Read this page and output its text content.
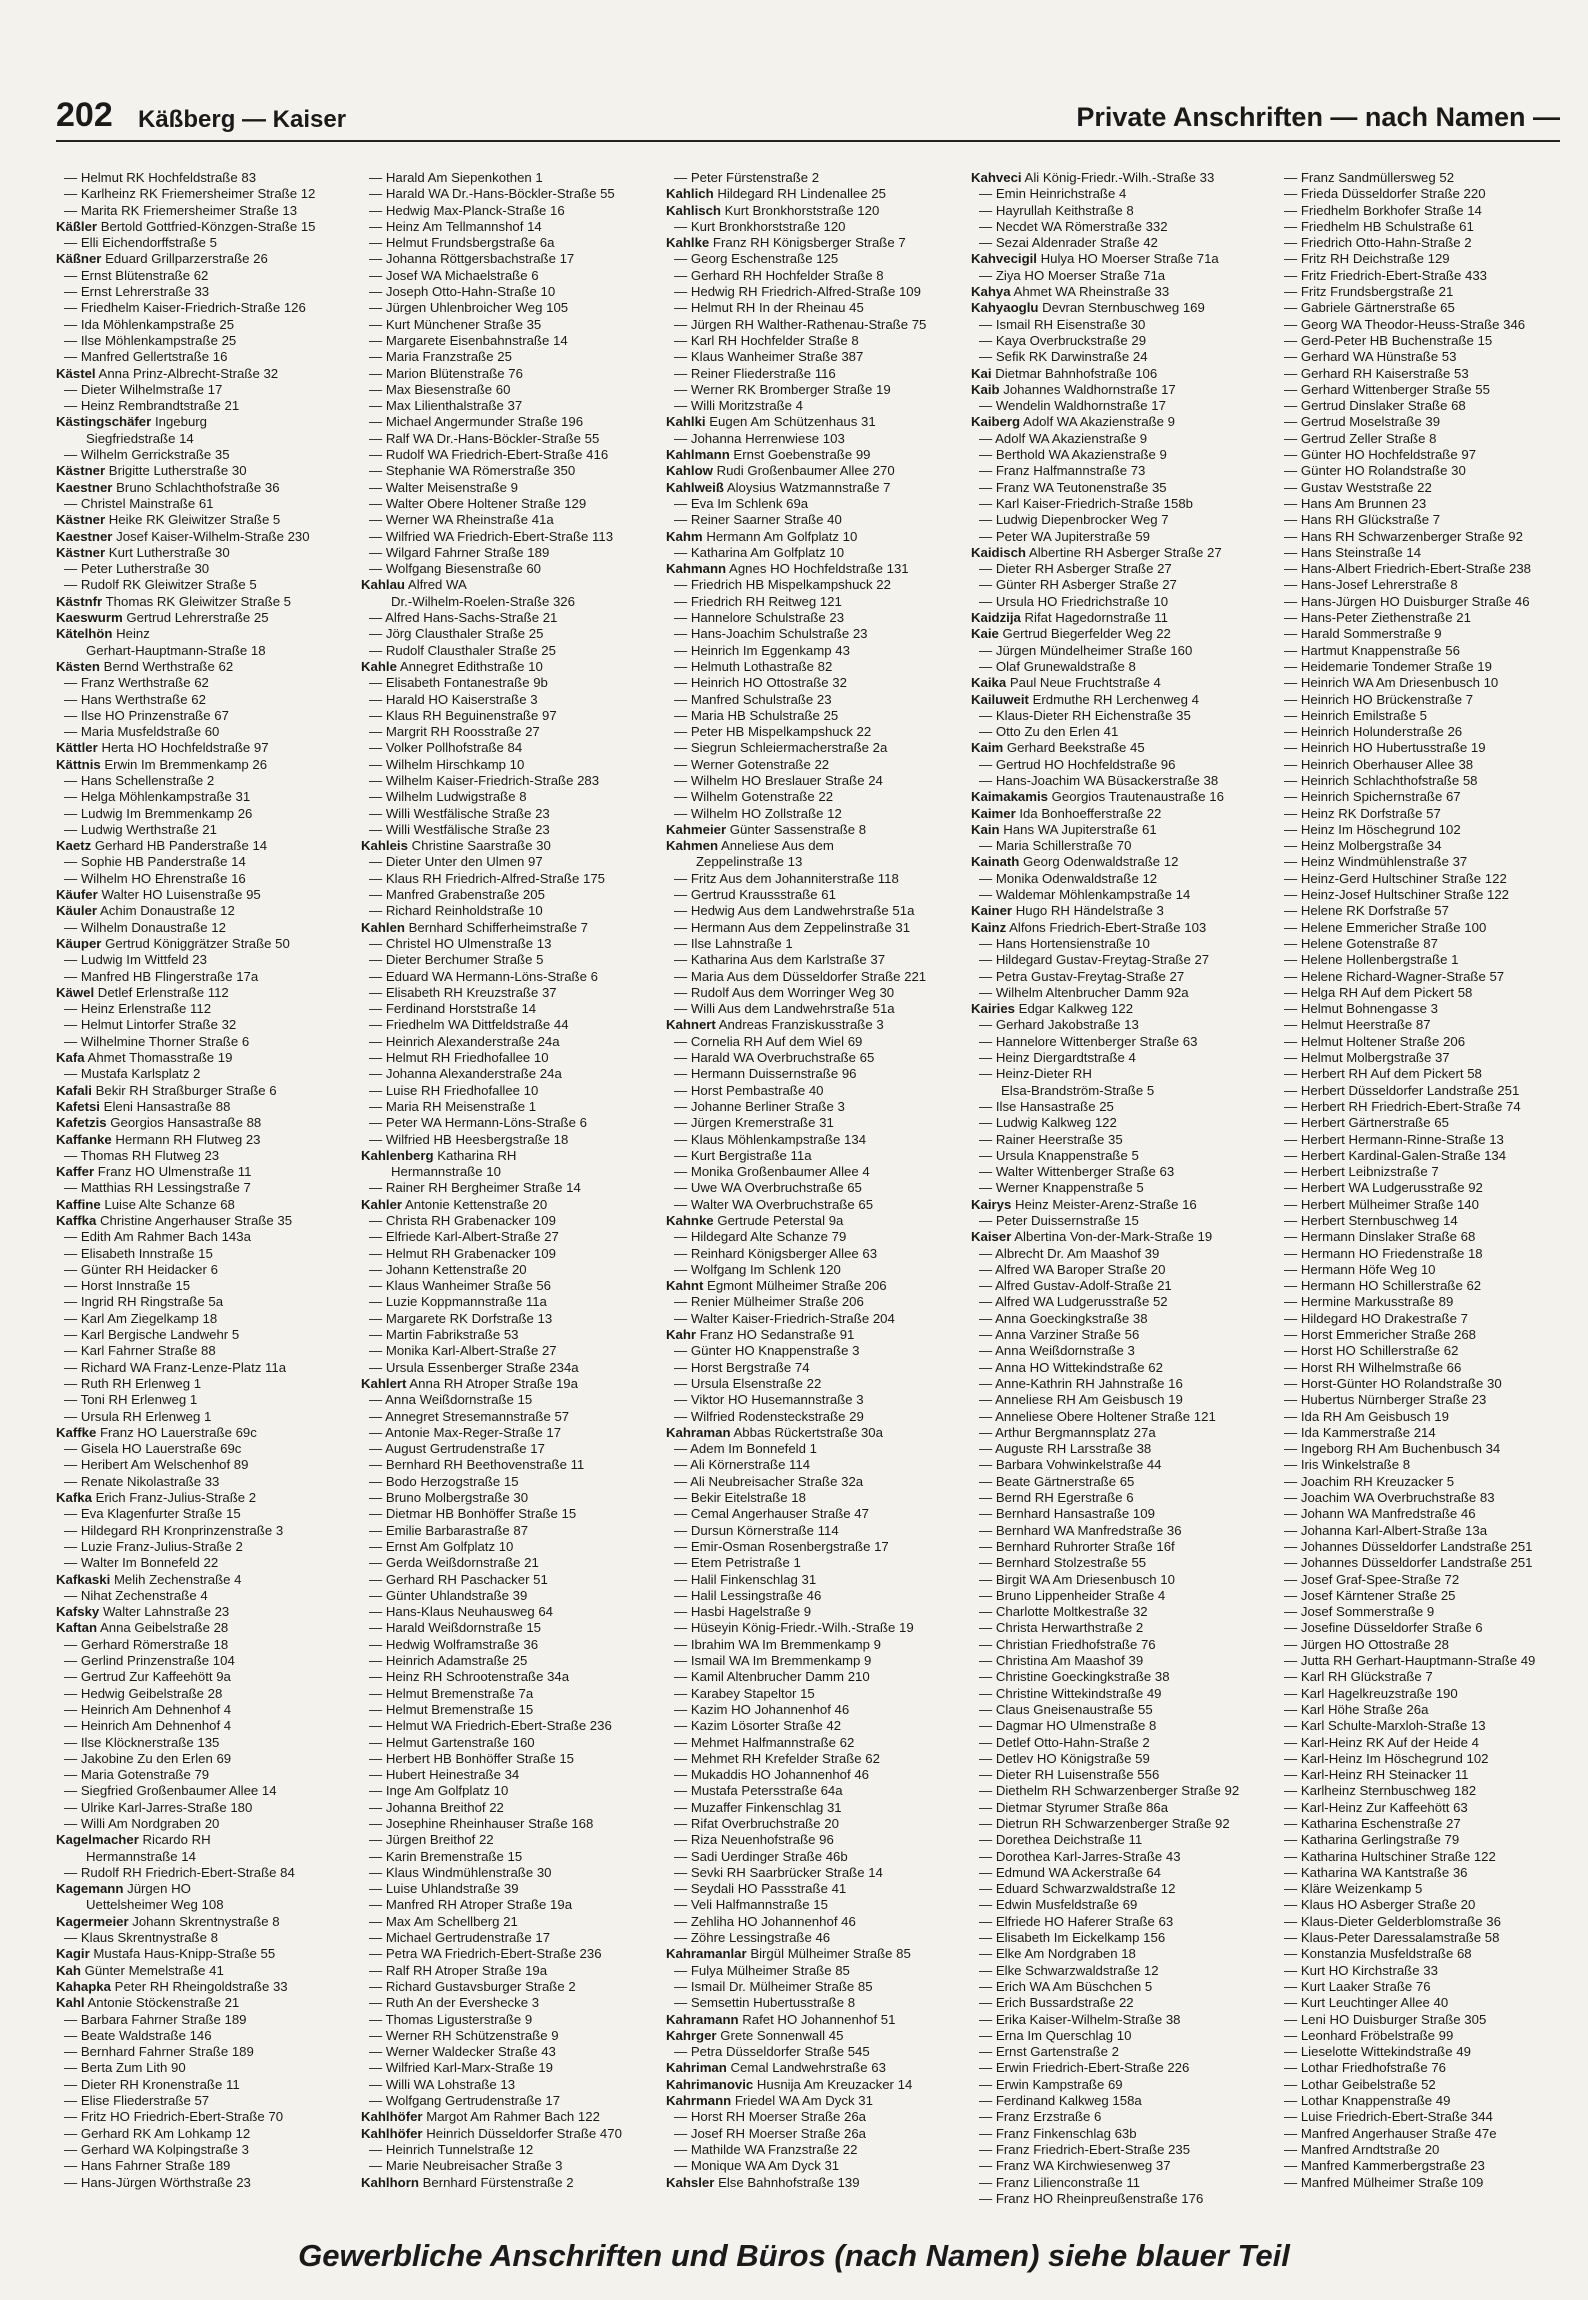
202 Käßberg — Kaiser	Private Anschriften — nach Namen —
— Helmut RK Hochfeldstraße 83
— Karlheinz RK Friemersheimer Straße 12
— Marita RK Friemersheimer Straße 13
Käßler Bertold Gottfried-Könzgen-Straße 15
— Elli Eichendorffstraße 5
Käßner Eduard Grillparzerstraße 26
— Ernst Blütenstraße 62
— Ernst Lehrerstraße 33
— Friedhelm Kaiser-Friedrich-Straße 126
— Ida Möhlenkampstraße 25
— Ilse Möhlenkampstraße 25
— Manfred Gellertstraße 16
Kästel Anna Prinz-Albrecht-Straße 32
— Dieter Wilhelmstraße 17
— Heinz Rembrandtstraße 21
Kästingschäfer Ingeburg
Siegfriedstraße 14
— Wilhelm Gerrickstraße 35
Kästner Brigitte Lutherstraße 30
Kaestner Bruno Schlachthofstraße 36
— Christel Mainstraße 61
Kästner Heike RK Gleiwitzer Straße 5
Kaestner Josef Kaiser-Wilhelm-Straße 230
Kästner Kurt Lutherstraße 30
— Peter Lutherstraße 30
— Rudolf RK Gleiwitzer Straße 5
Kästnfr Thomas RK Gleiwitzer Straße 5
Kaeswurm Gertrud Lehrerstraße 25
Kätelhön Heinz
Gerhart-Hauptmann-Straße 18
Kästen Bernd Werthstraße 62
— Franz Werthstraße 62
— Hans Werthstraße 62
— Ilse HO Prinzenstraße 67
— Maria Musfeldstraße 60
Kättler Herta HO Hochfeldstraße 97
Kättnis Erwin Im Bremmenkamp 26
— Hans Schellenstraße 2
— Helga Möhlenkampstraße 31
— Ludwig Im Bremmenkamp 26
— Ludwig Werthstraße 21
Kaetz Gerhard HB Panderstraße 14
— Sophie HB Panderstraße 14
— Wilhelm HO Ehrenstraße 16
Käufer Walter HO Luisenstraße 95
Käuler Achim Donaustraße 12
— Wilhelm Donaustraße 12
Käuper Gertrud Königgrätzer Straße 50
— Ludwig Im Wittfeld 23
— Manfred HB Flingerstraße 17a
Käwel Detlef Erlenstraße 112
— Heinz Erlenstraße 112
— Helmut Lintorfer Straße 32
— Wilhelmine Thorner Straße 6
Kafa Ahmet Thomasstraße 19
— Mustafa Karlsplatz 2
Kafali Bekir RH Straßburger Straße 6
Kafetsi Eleni Hansastraße 88
Kafetzis Georgios Hansastraße 88
Kaffanke Hermann RH Flutweg 23
— Thomas RH Flutweg 23
Kaffer Franz HO Ulmenstraße 11
— Matthias RH Lessingstraße 7
Kaffine Luise Alte Schanze 68
Kaffka Christine Angerhauser Straße 35
— Edith Am Rahmer Bach 143a
— Elisabeth Innstraße 15
— Günter RH Heidacker 6
— Horst Innstraße 15
— Ingrid RH Ringstraße 5a
— Karl Am Ziegelkamp 18
— Karl Bergische Landwehr 5
— Karl Fahrner Straße 88
— Richard WA Franz-Lenze-Platz 11a
— Ruth RH Erlenweg 1
— Toni RH Erlenweg 1
— Ursula RH Erlenweg 1
Kaffke Franz HO Lauerstraße 69c
— Gisela HO Lauerstraße 69c
— Heribert Am Welschenhof 89
— Renate Nikolastraße 33
Kafka Erich Franz-Julius-Straße 2
— Eva Klagenfurter Straße 15
— Hildegard RH Kronprinzenstraße 3
— Luzie Franz-Julius-Straße 2
— Walter Im Bonnefeld 22
Kafkaski Melih Zechenstraße 4
— Nihat Zechenstraße 4
Kafsky Walter Lahnstraße 23
Kaftan Anna Geibelstraße 28
— Gerhard Römerstraße 18
— Gerlind Prinzenstraße 104
— Gertrud Zur Kaffeehött 9a
— Hedwig Geibelstraße 28
— Heinrich Am Dehnenhof 4
— Heinrich Am Dehnenhof 4
— Ilse Klöcknerstraße 135
— Jakobine Zu den Erlen 69
— Maria Gotenstraße 79
— Siegfried Großenbaumer Allee 14
— Ulrike Karl-Jarres-Straße 180
— Willi Am Nordgraben 20
Kagelmacher Ricardo RH
Hermannstraße 14
— Rudolf RH Friedrich-Ebert-Straße 84
Kagemann Jürgen HO
Uettelsheimer Weg 108
Kagermeier Johann Skrentnystraße 8
— Klaus Skrentnystraße 8
Kagir Mustafa Haus-Knipp-Straße 55
Kah Günter Memelstraße 41
Kahapka Peter RH Rheingoldstraße 33
Kahl Antonie Stöckenstraße 21
— Barbara Fahrner Straße 189
— Beate Waldstraße 146
— Bernhard Fahrner Straße 189
— Berta Zum Lith 90
— Dieter RH Kronenstraße 11
— Elise Fliederstraße 57
— Fritz HO Friedrich-Ebert-Straße 70
— Gerhard RK Am Lohkamp 12
— Gerhard WA Kolpingstraße 3
— Hans Fahrner Straße 189
— Hans-Jürgen Wörthstraße 23
— Harald Am Siepenkothen 1
— Harald WA Dr.-Hans-Böckler-Straße 55
— Hedwig Max-Planck-Straße 16
— Heinz Am Tellmannshof 14
— Helmut Frundsbergstraße 6a
— Johanna Röttgersbachstraße 17
— Josef WA Michaelstraße 6
— Joseph Otto-Hahn-Straße 10
— Jürgen Uhlenbroicher Weg 105
— Kurt Münchener Straße 35
— Margarete Eisenbahnstraße 14
— Maria Franzstraße 25
— Marion Blütenstraße 76
— Max Biesenstraße 60
— Max Lilienthalstraße 37
— Michael Angermunder Straße 196
— Ralf WA Dr.-Hans-Böckler-Straße 55
— Rudolf WA Friedrich-Ebert-Straße 416
— Stephanie WA Römerstraße 350
— Walter Meisenstraße 9
— Walter Obere Holtener Straße 129
— Werner WA Rheinstraße 41a
— Wilfried WA Friedrich-Ebert-Straße 113
— Wilgard Fahrner Straße 189
— Wolfgang Biesenstraße 60
Kahlau Alfred WA
Dr.-Wilhelm-Roelen-Straße 326
— Alfred Hans-Sachs-Straße 21
— Jörg Clausthaler Straße 25
— Rudolf Clausthaler Straße 25
Kahle Annegret Edithstraße 10
— Elisabeth Fontanestraße 9b
— Harald HO Kaiserstraße 3
— Klaus RH Beguinenstraße 97
— Margrit RH Roosstraße 27
— Volker Pollhofstraße 84
— Wilhelm Hirschkamp 10
— Wilhelm Kaiser-Friedrich-Straße 283
— Wilhelm Ludwigstraße 8
— Willi Westfälische Straße 23
— Willi Westfälische Straße 23
Kahleis Christine Saarstraße 30
— Dieter Unter den Ulmen 97
— Klaus RH Friedrich-Alfred-Straße 175
— Manfred Grabenstraße 205
— Richard Reinholdstraße 10
Kahlen Bernhard Schifferheimstraße 7
— Christel HO Ulmenstraße 13
— Dieter Berchumer Straße 5
— Eduard WA Hermann-Löns-Straße 6
— Elisabeth RH Kreuzstraße 37
— Ferdinand Horststraße 14
— Friedhelm WA Dittfeldstraße 44
— Heinrich Alexanderstraße 24a
— Helmut RH Friedhofallee 10
— Johanna Alexanderstraße 24a
— Luise RH Friedhofallee 10
— Maria RH Meisenstraße 1
— Peter WA Hermann-Löns-Straße 6
— Wilfried HB Heesbergstraße 18
Kahlenberg Katharina RH
Hermannstraße 10
— Rainer RH Bergheimer Straße 14
Kahler Antonie Kettenstraße 20
— Christa RH Grabenacker 109
— Elfriede Karl-Albert-Straße 27
— Helmut RH Grabenacker 109
— Johann Kettenstraße 20
— Klaus Wanheimer Straße 56
— Luzie Koppmannstraße 11a
— Margarete RK Dorfstraße 13
— Martin Fabrikstraße 53
— Monika Karl-Albert-Straße 27
— Ursula Essenberger Straße 234a
Kahlert Anna RH Atroper Straße 19a
— Anna Weißdornstraße 15
— Annegret Stresemannstraße 57
— Antonie Max-Reger-Straße 17
— August Gertrudenstraße 17
— Bernhard RH Beethovenstraße 11
— Bodo Herzogstraße 15
— Bruno Molbergstraße 30
— Dietmar HB Bonhöffer Straße 15
— Emilie Barbarastraße 87
— Ernst Am Golfplatz 10
— Gerda Weißdornstraße 21
— Gerhard RH Paschacker 51
— Günter Uhlandstraße 39
— Hans-Klaus Neuhausweg 64
— Harald Weißdornstraße 15
— Hedwig Wolframstraße 36
— Heinrich Adamstraße 25
— Heinz RH Schrootenstraße 34a
— Helmut Bremenstraße 7a
— Helmut Bremenstraße 15
— Helmut WA Friedrich-Ebert-Straße 236
— Helmut Gartenstraße 160
— Herbert HB Bonhöffer Straße 15
— Hubert Heinestraße 34
— Inge Am Golfplatz 10
— Johanna Breithof 22
— Josephine Rheinhauser Straße 168
— Jürgen Breithof 22
— Karin Bremenstraße 15
— Klaus Windmühlenstraße 30
— Luise Uhlandstraße 39
— Manfred RH Atroper Straße 19a
— Max Am Schellberg 21
— Michael Gertrudenstraße 17
— Petra WA Friedrich-Ebert-Straße 236
— Ralf RH Atroper Straße 19a
— Richard Gustavsburger Straße 2
— Ruth An der Eversheckе 3
— Thomas Ligusterstraße 9
— Werner RH Schützenstraße 9
— Werner Waldecker Straße 43
— Wilfried Karl-Marx-Straße 19
— Willi WA Lohstraße 13
— Wolfgang Gertrudenstraße 17
Kahlhöfer Margot Am Rahmer Bach 122
Kahlhöfer Heinrich Düsseldorfer Straße 470
— Heinrich Tunnelstraße 12
— Marie Neubreisacher Straße 3
Kahlhorn Bernhard Fürstenstraße 2
— Peter Fürstenstraße 2
Kahlich Hildegard RH Lindenallee 25
Kahlisch Kurt Bronkhorststraße 120
— Kurt Bronkhorststraße 120
Kahlke Franz RH Königsberger Straße 7
— Georg Eschenstraße 125
— Gerhard RH Hochfelder Straße 8
— Hedwig RH Friedrich-Alfred-Straße 109
— Helmut RH In der Rheinau 45
— Jürgen RH Walther-Rathenau-Straße 75
— Karl RH Hochfelder Straße 8
— Klaus Wanheimer Straße 387
— Reiner Fliederstraße 116
— Werner RK Bromberger Straße 19
— Willi Moritzstraße 4
Kahlki Eugen Am Schützenhaus 31
— Johanna Herrenwiese 103
Kahlmann Ernst Goebenstraße 99
Kahlow Rudi Großenbaumer Allee 270
Kahlweiß Aloysius Watzmannstraße 7
— Eva Im Schlenk 69a
— Reiner Saarner Straße 40
Kahm Hermann Am Golfplatz 10
— Katharina Am Golfplatz 10
Kahmann Agnes HO Hochfeldstraße 131
— Friedrich HB Mispelkampshuck 22
— Friedrich RH Reitweg 121
— Hannelore Schulstraße 23
— Hans-Joachim Schulstraße 23
— Heinrich Im Eggenkamp 43
— Helmuth Lothastraße 82
— Heinrich HO Ottostraße 32
— Manfred Schulstraße 23
— Maria HB Schulstraße 25
— Peter HB Mispelkampshuck 22
— Siegrun Schleiermacherstraße 2a
— Werner Gotenstraße 22
— Wilhelm HO Breslauer Straße 24
— Wilhelm Gotenstraße 22
— Wilhelm HO Zollstraße 12
Kahmeier Günter Sassenstraße 8
Kahmen Anneliese Aus dem
Zeppelinstraße 13
— Fritz Aus dem Johanniterstraße 118
— Gertrud Kraussstraße 61
— Hedwig Aus dem Landwehrstraße 51a
— Hermann Aus dem Zeppelinstraße 31
— Ilse Lahnstraße 1
— Katharina Aus dem Karlstraße 37
— Maria Aus dem Düsseldorfer Straße 221
— Rudolf Aus dem Worringer Weg 30
— Willi Aus dem Landwehrstraße 51a
Kahnert Andreas Franziskusstraße 3
— Cornelia RH Auf dem Wiel 69
— Harald WA Overbruchstraße 65
— Hermann Duissernstraße 96
— Horst Pembastraße 40
— Johanne Berliner Straße 3
— Jürgen Kremerstraße 31
— Klaus Möhlenkampstraße 134
— Kurt Bergistraße 11a
— Monika Großenbaumer Allee 4
— Uwe WA Overbruchstraße 65
— Walter WA Overbruchstraße 65
Kahnke Gertrude Peterstal 9a
— Hildegard Alte Schanze 79
— Reinhard Königsberger Allee 63
— Wolfgang Im Schlenk 120
Kahnt Egmont Mülheimer Straße 206
— Renier Mülheimer Straße 206
— Walter Kaiser-Friedrich-Straße 204
Kahr Franz HO Sedanstraße 91
— Günter HO Knappenstraße 3
— Horst Bergstraße 74
— Ursula Elsenstraße 22
— Viktor HO Husemannstraße 3
— Wilfried Rodensteckstraße 29
Kahraman Abbas Rückertstraße 30a
— Adem Im Bonnefeld 1
— Ali Körnerstraße 114
— Ali Neubreisacher Straße 32a
— Bekir Eitelstraße 18
— Cemal Angerhauser Straße 47
— Dursun Körnerstraße 114
— Emir-Osman Rosenbergstraße 17
— Etem Petristraße 1
— Halil Finkenschlag 31
— Halil Lessingstraße 46
— Hasbi Hagelstraße 9
— Hüseyin König-Friedr.-Wilh.-Straße 19
— Ibrahim WA Im Bremmenkamp 9
— Ismail WA Im Bremmenkamp 9
— Kamil Altenbrucher Damm 210
— Karabey Stapeltor 15
— Kazim HO Johannenhof 46
— Kazim Lösorter Straße 42
— Mehmet Halfmannstraße 62
— Mehmet RH Krefelder Straße 62
— Mukaddis HO Johannenhof 46
— Mustafa Petersstraße 64a
— Muzaffer Finkenschlag 31
— Rifat Overbruchstraße 20
— Riza Neuenhofstraße 96
— Sadi Uerdinger Straße 46b
— Sevki RH Saarbrücker Straße 14
— Seydali HO Passstraße 41
— Veli Halfmannstraße 15
— Zehliha HO Johannenhof 46
— Zöhre Lessingstraße 46
Kahramanlar Birgül Mülheimer Straße 85
— Fulya Mülheimer Straße 85
— Ismail Dr. Mülheimer Straße 85
— Semsettin Hubertusstraße 8
Kahramann Rafet HO Johannenhof 51
Kahrger Grete Sonnenwall 45
— Petra Düsseldorfer Straße 545
Kahriman Cemal Landwehrstraße 63
Kahrimanovic Husnija Am Kreuzacker 14
Kahrmann Friedel WA Am Dyck 31
— Horst RH Moerser Straße 26a
— Josef RH Moerser Straße 26a
— Mathilde WA Franzstraße 22
— Monique WA Am Dyck 31
Kahsler Else Bahnhofstraße 139
Kahveci Ali König-Friedr.-Wilh.-Straße 33
— Emin Heinrichstraße 4
— Hayrullah Keithstraße 8
— Necdet WA Römerstraße 332
— Sezai Aldenrader Straße 42
Kahvecigil Hulya HO Moerser Straße 71a
— Ziya HO Moerser Straße 71a
Kahya Ahmet WA Rheinstraße 33
Kahyaoglu Devran Sternbuschweg 169
— Ismail RH Eisenstraße 30
— Kaya Overbruckstraße 29
— Sefik RK Darwinstraße 24
Kai Dietmar Bahnhofstraße 106
Kaib Johannes Waldhornstraße 17
— Wendelin Waldhornstraße 17
Kaiberg Adolf WA Akazienstraße 9
— Adolf WA Akazienstraße 9
— Berthold WA Akazienstraße 9
— Franz Halfmannstraße 73
— Franz WA Teutonenstraße 35
— Karl Kaiser-Friedrich-Straße 158b
— Ludwig Diepenbrocker Weg 7
— Peter WA Jupiterstraße 59
Kaidisch Albertine RH Asberger Straße 27
— Dieter RH Asberger Straße 27
— Günter RH Asberger Straße 27
— Ursula HO Friedrichstraße 10
Kaidzija Rifat Hagedornstraße 11
Kaie Gertrud Biegerfelder Weg 22
— Jürgen Mündelheimer Straße 160
— Olaf Grunewaldstraße 8
Kaika Paul Neue Fruchtstraße 4
Kailuweit Erdmuthe RH Lerchenweg 4
— Klaus-Dieter RH Eichenstraße 35
— Otto Zu den Erlen 41
Kaim Gerhard Beekstraße 45
— Gertrud HO Hochfeldstraße 96
— Hans-Joachim WA Büsackerstraße 38
Kaimakamis Georgios Trautenaustraße 16
Kaimer Ida Bonhoefferstraße 22
Kain Hans WA Jupiterstraße 61
— Maria Schillerstraße 70
Kainath Georg Odenwaldstraße 12
— Monika Odenwaldstraße 12
— Waldemar Möhlenkampstraße 14
Kainer Hugo RH Händelstraße 3
Kainz Alfons Friedrich-Ebert-Straße 103
— Hans Hortensienstraße 10
— Hildegard Gustav-Freytag-Straße 27
— Petra Gustav-Freytag-Straße 27
— Wilhelm Altenbrucher Damm 92a
Kairies Edgar Kalkweg 122
— Gerhard Jakobstraße 13
— Hannelore Wittenberger Straße 63
— Heinz Diergardtstraße 4
— Heinz-Dieter RH
Elsa-Brandström-Straße 5
— Ilse Hansastraße 25
— Ludwig Kalkweg 122
— Rainer Heerstraße 35
— Ursula Knappenstraße 5
— Walter Wittenberger Straße 63
— Werner Knappenstraße 5
Kairys Heinz Meister-Arenz-Straße 16
— Peter Duissernstraße 15
Kaiser Albertina Von-der-Mark-Straße 19
— Albrecht Dr. Am Maashof 39
— Alfred WA Baroper Straße 20
— Alfred Gustav-Adolf-Straße 21
— Alfred WA Ludgerusstraße 52
— Anna Goeckingkstraße 38
— Anna Varziner Straße 56
— Anna Weißdornstraße 3
— Anna HO Wittekindstraße 62
— Anne-Kathrin RH Jahnstraße 16
— Anneliese RH Am Geisbusch 19
— Anneliese Obere Holtener Straße 121
— Arthur Bergmannsplatz 27a
— Auguste RH Larsstraße 38
— Barbara Vohwinkelstraße 44
— Beate Gärtnerstraße 65
— Bernd RH Egerstraße 6
— Bernhard Hansastraße 109
— Bernhard WA Manfredstraße 36
— Bernhard Ruhrorter Straße 16f
— Bernhard Stolzestraße 55
— Birgit WA Am Driesenbusch 10
— Bruno Lippenheider Straße 4
— Charlotte Moltkestraße 32
— Christa Herwarthstraße 2
— Christian Friedhofstraße 76
— Christina Am Maashof 39
— Christine Goeckingkstraße 38
— Christine Wittekindstraße 49
— Claus Gneisenaustraße 55
— Dagmar HO Ulmenstraße 8
— Detlef Otto-Hahn-Straße 2
— Detlev HO Königstraße 59
— Dieter RH Luisenstraße 556
— Diethelm RH Schwarzenberger Straße 92
— Dietmar Styrumer Straße 86a
— Dietrun RH Schwarzenberger Straße 92
— Dorethea Deichstraße 11
— Dorothea Karl-Jarres-Straße 43
— Edmund WA Ackerstraße 64
— Eduard Schwarzwaldstraße 12
— Edwin Musfeldstraße 69
— Elfriede HO Haferer Straße 63
— Elisabeth Im Eickelkamp 156
— Elke Am Nordgraben 18
— Elke Schwarzwaldstraße 12
— Erich WA Am Büschchen 5
— Erich Bussardstraße 22
— Erika Kaiser-Wilhelm-Straße 38
— Erna Im Querschlag 10
— Ernst Gartenstraße 2
— Erwin Friedrich-Ebert-Straße 226
— Erwin Kampstraße 69
— Ferdinand Kalkweg 158a
— Franz Erzstraße 6
— Franz Finkenschlag 63b
— Franz Friedrich-Ebert-Straße 235
— Franz WA Kirchwiesenweg 37
— Franz Lilienconstraße 11
— Franz HO Rheinpreußenstraße 176
— Franz Sandmüllersweg 52
— Frieda Düsseldorfer Straße 220
— Friedhelm Borkhofer Straße 14
— Friedhelm HB Schulstraße 61
— Friedrich Otto-Hahn-Straße 2
— Fritz RH Deichstraße 129
— Fritz Friedrich-Ebert-Straße 433
— Fritz Frundsbergstraße 21
— Gabriele Gärtnerstraße 65
— Georg WA Theodor-Heuss-Straße 346
— Gerd-Peter HB Buchenstraße 15
— Gerhard WA Hünstraße 53
— Gerhard RH Kaiserstraße 53
— Gerhard Wittenberger Straße 55
— Gertrud Dinslaker Straße 68
— Gertrud Moselstraße 39
— Gertrud Zeller Straße 8
— Günter HO Hochfeldstraße 97
— Günter HO Rolandstraße 30
— Gustav Weststraße 22
— Hans Am Brunnen 23
— Hans RH Glückstraße 7
— Hans RH Schwarzenberger Straße 92
— Hans Steinstraße 14
— Hans-Albert Friedrich-Ebert-Straße 238
— Hans-Josef Lehrerstraße 8
— Hans-Jürgen HO Duisburger Straße 46
— Hans-Peter Ziethenstraße 21
— Harald Sommerstraße 9
— Hartmut Knappenstraße 56
— Heidemarie Tondemer Straße 19
— Heinrich WA Am Driesenbusch 10
— Heinrich HO Brückenstraße 7
— Heinrich Emilstraße 5
— Heinrich Holunderstraße 26
— Heinrich HO Hubertusstraße 19
— Heinrich Oberhauser Allee 38
— Heinrich Schlachthofstraße 58
— Heinrich Spichernstraße 67
— Heinz RK Dorfstraße 57
— Heinz Im Höschegrund 102
— Heinz Molbergstraße 34
— Heinz Windmühlenstraße 37
— Heinz-Gerd Hultschiner Straße 122
— Heinz-Josef Hultschiner Straße 122
— Helene RK Dorfstraße 57
— Helene Emmericher Straße 100
— Helene Gotenstraße 87
— Helene Hollenbergstraße 1
— Helene Richard-Wagner-Straße 57
— Helga RH Auf dem Pickert 58
— Helmut Bohnengasse 3
— Helmut Heerstraße 87
— Helmut Holtener Straße 206
— Helmut Molbergstraße 37
— Herbert RH Auf dem Pickert 58
— Herbert Düsseldorfer Landstraße 251
— Herbert RH Friedrich-Ebert-Straße 74
— Herbert Gärtnerstraße 65
— Herbert Hermann-Rinne-Straße 13
— Herbert Kardinal-Galen-Straße 134
— Herbert Leibnizstraße 7
— Herbert WA Ludgerusstraße 92
— Herbert Mülheimer Straße 140
— Herbert Sternbuschweg 14
— Hermann Dinslaker Straße 68
— Hermann HO Friedenstraße 18
— Hermann Höfe Weg 10
— Hermann HO Schillerstraße 62
— Hermine Markusstraße 89
— Hildegard HO Drakestraße 7
— Horst Emmericher Straße 268
— Horst HO Schillerstraße 62
— Horst RH Wilhelmstraße 66
— Horst-Günter HO Rolandstraße 30
— Hubertus Nürnberger Straße 23
— Ida RH Am Geisbusch 19
— Ida Kammerstraße 214
— Ingeborg RH Am Buchenbusch 34
— Iris Winkelstraße 8
— Joachim RH Kreuzacker 5
— Joachim WA Overbruchstraße 83
— Johann WA Manfredstraße 46
— Johanna Karl-Albert-Straße 13a
— Johannes Düsseldorfer Landstraße 251
— Johannes Düsseldorfer Landstraße 251
— Josef Graf-Spee-Straße 72
— Josef Kärntener Straße 25
— Josef Sommerstraße 9
— Josefine Düsseldorfer Straße 6
— Jürgen HO Ottostraße 28
— Jutta RH Gerhart-Hauptmann-Straße 49
— Karl RH Glückstraße 7
— Karl Hagelkreuzstraße 190
— Karl Höhe Straße 26a
— Karl Schulte-Marxloh-Straße 13
— Karl-Heinz RK Auf der Heide 4
— Karl-Heinz Im Höschegrund 102
— Karl-Heinz RH Steinacker 11
— Karlheinz Sternbuschweg 182
— Karl-Heinz Zur Kaffeehött 63
— Katharina Eschenstraße 27
— Katharina Gerlingstraße 79
— Katharina Hultschiner Straße 122
— Katharina WA Kantstraße 36
— Kläre Weizenkamp 5
— Klaus HO Asberger Straße 20
— Klaus-Dieter Gelderblomstraße 36
— Klaus-Peter Daressalamstraße 58
— Konstanzia Musfeldstraße 68
— Kurt HO Kirchstraße 33
— Kurt Laaker Straße 76
— Kurt Leuchtinger Allee 40
— Leni HO Duisburger Straße 305
— Leonhard Fröbelstraße 99
— Lieselotte Wittekindstraße 49
— Lothar Friedhofstraße 76
— Lothar Geibelstraße 52
— Lothar Knappenstraße 49
— Luise Friedrich-Ebert-Straße 344
— Manfred Angerhauser Straße 47e
— Manfred Arndtstraße 20
— Manfred Kammerbergstraße 23
— Manfred Mülheimer Straße 109
Gewerbliche Anschriften und Büros (nach Namen) siehe blauer Teil
